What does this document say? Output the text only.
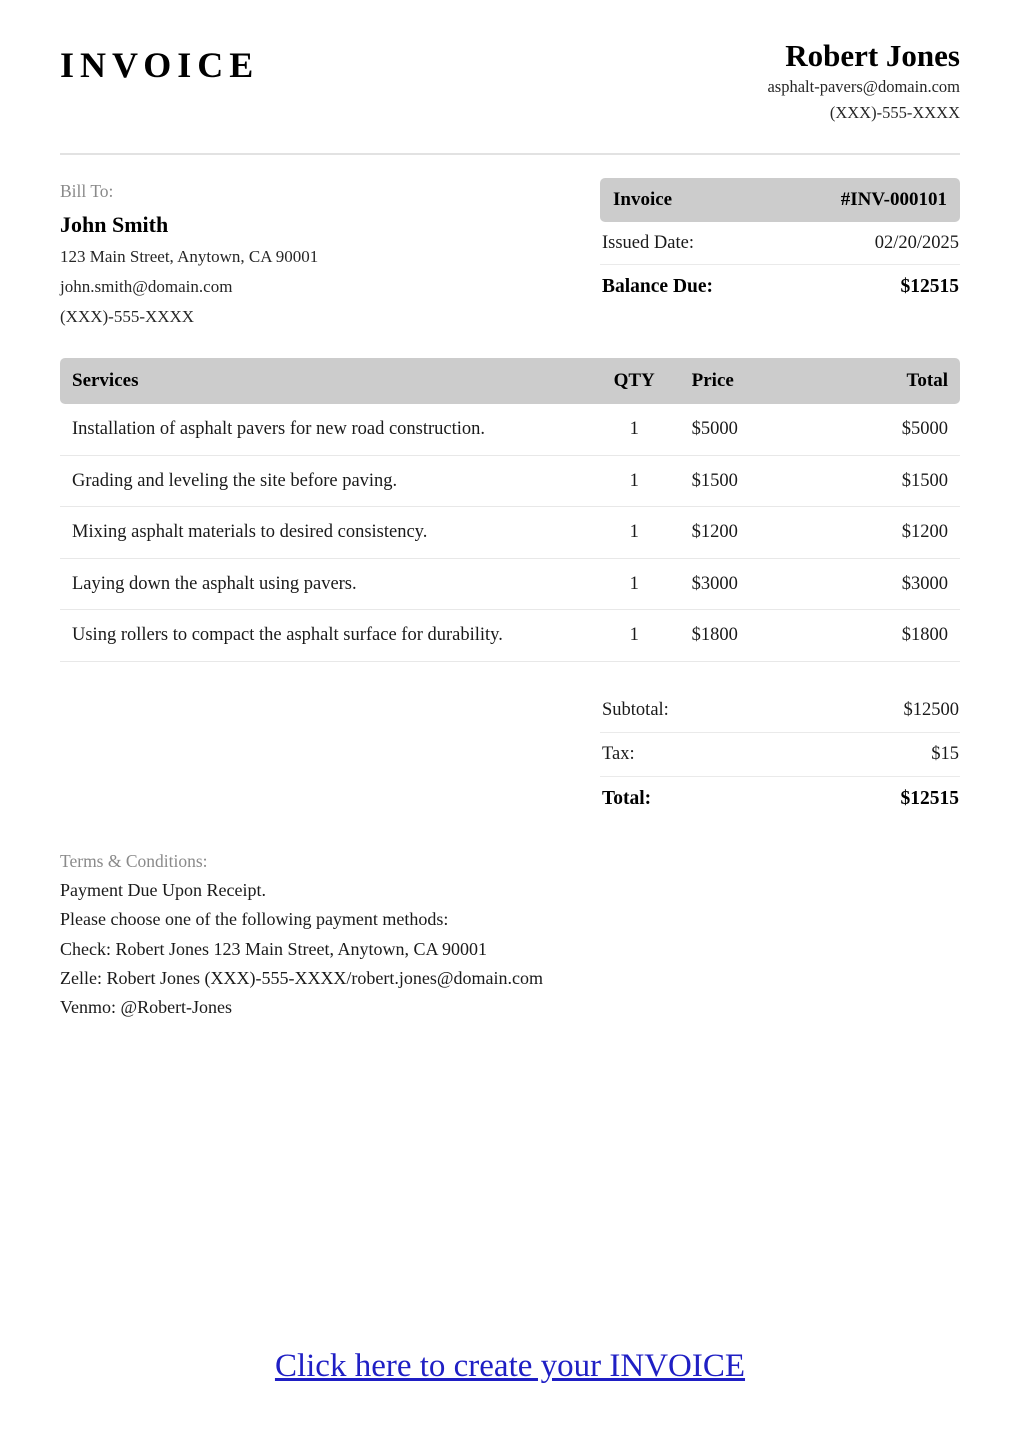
INVOICE	Robert Jones
asphalt-pavers@domain.com
(XXX)-555-XXXX
Bill To:
John Smith
123 Main Street, Anytown, CA 90001
john.smith@domain.com
(XXX)-555-XXXX
Invoice	#INV-000101
Issued Date:	02/20/2025
Balance Due:	$12515
Services	QTY	Price	Total
Installation of asphalt pavers for new road construction.	1	$5000	$5000
Grading and leveling the site before paving.	1	$1500	$1500
Mixing asphalt materials to desired consistency.	1	$1200	$1200
Laying down the asphalt using pavers.	1	$3000	$3000
Using rollers to compact the asphalt surface for durability.	1	$1800	$1800
Subtotal:	$12500
Tax:	$15
Total:	$12515
Terms & Conditions:
Payment Due Upon Receipt.
Please choose one of the following payment methods:
Check: Robert Jones 123 Main Street, Anytown, CA 90001
Zelle: Robert Jones (XXX)-555-XXXX/robert.jones@domain.com
Venmo: @Robert-Jones
Click here to create your INVOICE
